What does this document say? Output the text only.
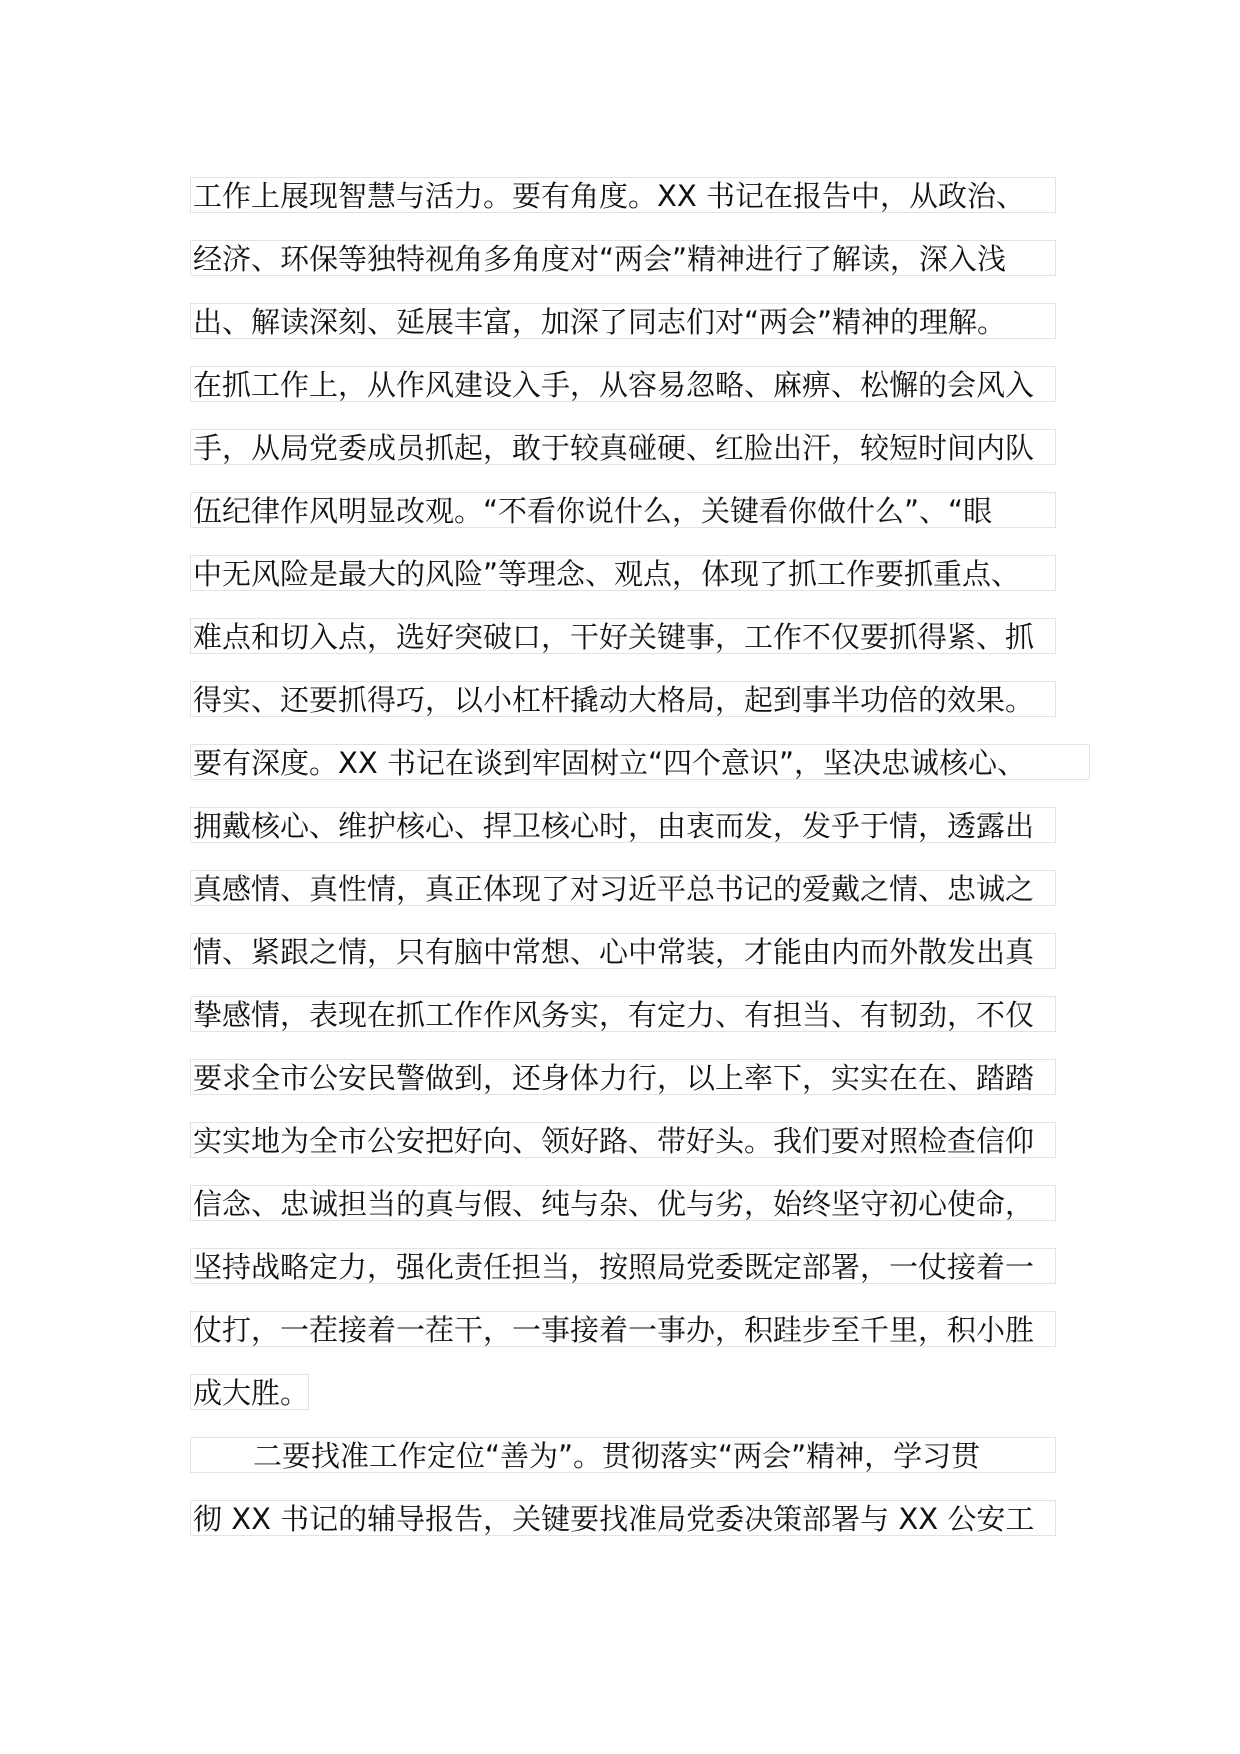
工作上展现智慧与活力。要有角度。XX 书记在报告中，从政治、
经济、环保等独特视角多角度对“两会”精神进行了解读，深入浅
出、解读深刻、延展丰富，加深了同志们对“两会”精神的理解。
在抓工作上，从作风建设入手，从容易忽略、麻痹、松懈的会风入
手，从局党委成员抓起，敢于较真碰硬、红脸出汗，较短时间内队
伍纪律作风明显改观。“不看你说什么，关键看你做什么”、“眼
中无风险是最大的风险”等理念、观点，体现了抓工作要抓重点、
难点和切入点，选好突破口，干好关键事，工作不仅要抓得紧、抓
得实、还要抓得巧，以小杠杆撬动大格局，起到事半功倍的效果。
要有深度。XX 书记在谈到牢固树立“四个意识”，坚决忠诚核心、
拥戴核心、维护核心、捍卫核心时，由衷而发，发乎于情，透露出
真感情、真性情，真正体现了对习近平总书记的爱戴之情、忠诚之
情、紧跟之情，只有脑中常想、心中常装，才能由内而外散发出真
挚感情，表现在抓工作作风务实，有定力、有担当、有韧劲，不仅
要求全市公安民警做到，还身体力行，以上率下，实实在在、踏踏
实实地为全市公安把好向、领好路、带好头。我们要对照检查信仰
信念、忠诚担当的真与假、纯与杂、优与劣，始终坚守初心使命，
坚持战略定力，强化责任担当，按照局党委既定部署，一仗接着一
仗打，一茬接着一茬干，一事接着一事办，积跬步至千里，积小胜
成大胜。
二要找准工作定位“善为”。贯彻落实“两会”精神，学习贯
彻 XX 书记的辅导报告，关键要找准局党委决策部署与 XX 公安工
